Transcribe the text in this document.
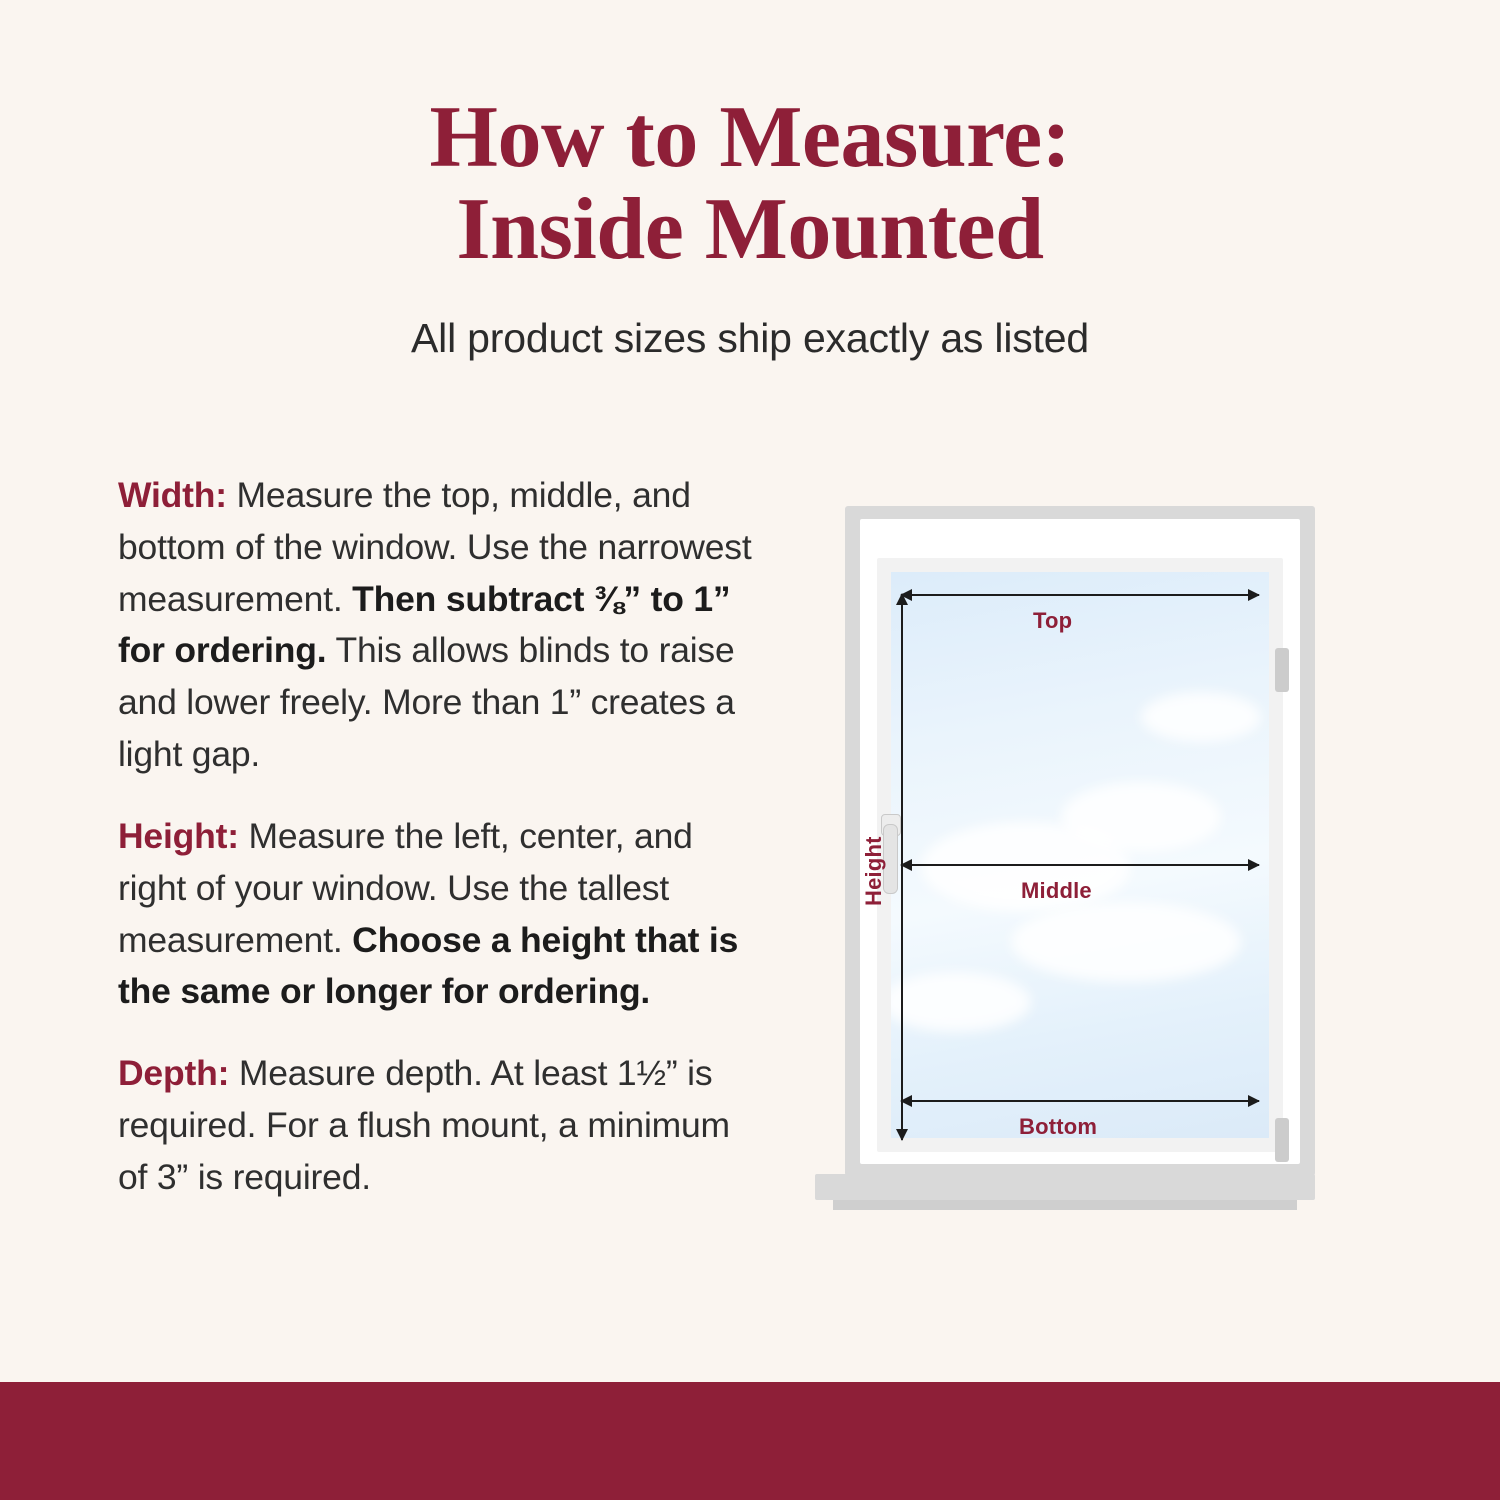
How to Measure:
Inside Mounted
All product sizes ship exactly as listed

Width: Measure the top, middle, and bottom of the window. Use the narrowest measurement. Then subtract ⅜” to 1” for ordering. This allows blinds to raise and lower freely. More than 1” creates a light gap.

Height: Measure the left, center, and right of your window. Use the tallest measurement. Choose a height that is the same or longer for ordering.

Depth: Measure depth. At least 1½” is required. For a flush mount, a minimum of 3” is required.

Top
Middle
Bottom
Height
